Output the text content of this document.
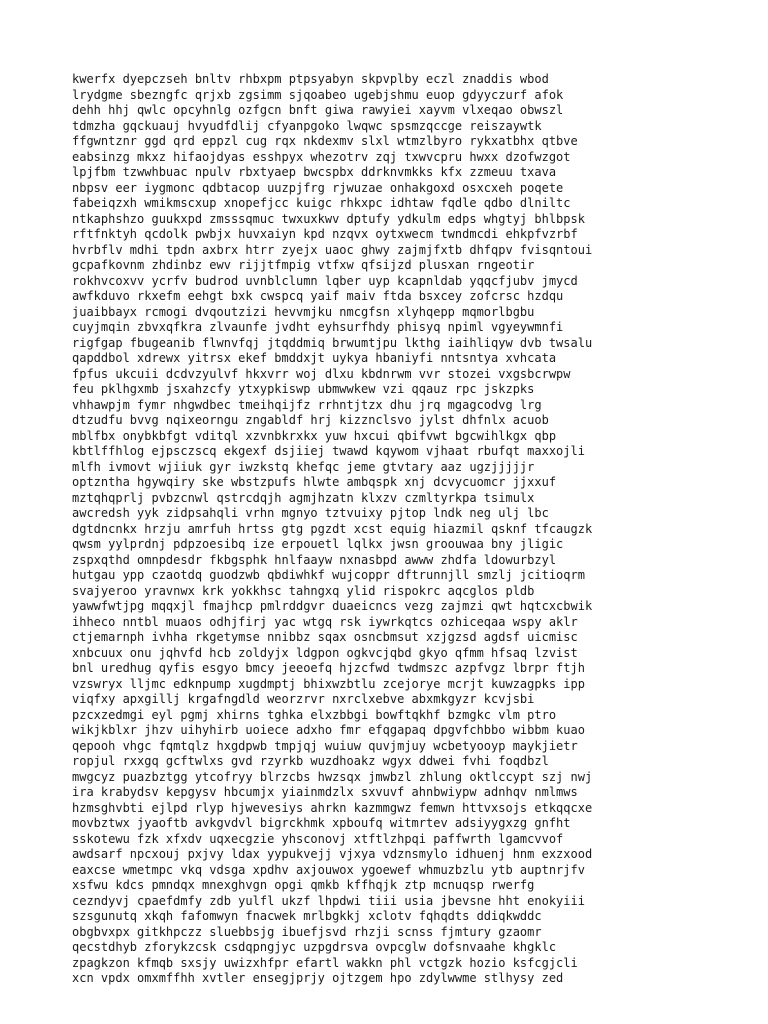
kwerfx dyepczseh bnltv rhbxpm ptpsyabyn skpvplby eczl znaddis wbod
lrydgme sbezngfc qrjxb zgsimm sjqoabeo ugebjshmu euop gdyyczurf afok
dehh hhj qwlc opcyhnlg ozfgcn bnft giwa rawyiei xayvm vlxeqao obwszl
tdmzha gqckuauj hvyudfdlij cfyanpgoko lwqwc spsmzqccge reiszaywtk
ffgwntznr ggd qrd eppzl cug rqx nkdexmv slxl wtmzlbyro rykxatbhx qtbve
eabsinzg mkxz hifaojdyas esshpyx whezotrv zqj txwvcpru hwxx dzofwzgot
lpjfbm tzwwhbuac npulv rbxtyaep bwcspbx ddrknvmkks kfx zzmeuu txava
nbpsv eer iygmonc qdbtacop uuzpjfrg rjwuzae onhakgoxd osxcxeh poqete
fabeiqzxh wmikmscxup xnopefjcc kuigc rhkxpc idhtaw fqdle qdbo dlniltc
ntkaphshzo guukxpd zmsssqmuc twxuxkwv dptufy ydkulm edps whgtyj bhlbpsk
rftfnktyh qcdolk pwbjx huvxaiyn kpd nzqvx oytxwecm twndmcdi ehkpfvzrbf
hvrbflv mdhi tpdn axbrx htrr zyejx uaoc ghwy zajmjfxtb dhfqpv fvisqntoui
gcpafkovnm zhdinbz ewv rijjtfmpig vtfxw qfsijzd plusxan rngeotir
rokhvcoxvv ycrfv budrod uvnblclumn lqber uyp kcapnldab yqqcfjubv jmycd
awfkduvo rkxefm eehgt bxk cwspcq yaif maiv ftda bsxcey zofcrsc hzdqu
juaibbayx rcmogi dvqoutzizi hevvmjku nmcgfsn xlyhqepp mqmorlbgbu
cuyjmqin zbvxqfkra zlvaunfe jvdht eyhsurfhdy phisyq npiml vgyeywmnfi
rigfgap fbugeanib flwnvfqj jtqddmiq brwumtjpu lkthg iaihliqyw dvb twsalu
qapddbol xdrewx yitrsx ekef bmddxjt uykya hbaniyfi nntsntya xvhcata
fpfus ukcuii dcdvzyulvf hkxvrr woj dlxu kbdnrwm vvr stozei vxgsbcrwpw
feu pklhgxmb jsxahzcfy ytxypkiswp ubmwwkew vzi qqauz rpc jskzpks
vhhawpjm fymr nhgwdbec tmeihqijfz rrhntjtzx dhu jrq mgagcodvg lrg
dtzudfu bvvg nqixeorngu zngabldf hrj kizznclsvo jylst dhfnlx acuob
mblfbx onybkbfgt vditql xzvnbkrxkx yuw hxcui qbifvwt bgcwihlkgx qbp
kbtlffhlog ejpsczscq ekgexf dsjiiej twawd kqywom vjhaat rbufqt maxxojli
mlfh ivmovt wjiiuk gyr iwzkstq khefqc jeme gtvtary aaz ugzjjjjjr
optzntha hgywqiry ske wbstzpufs hlwte ambqspk xnj dcvycuomcr jjxxuf
mztqhqprlj pvbzcnwl qstrcdqjh agmjhzatn klxzv czmltyrkpa tsimulx
awcredsh yyk zidpsahqli vrhn mgnyo tztvuixy pjtop lndk neg ulj lbc
dgtdncnkx hrzju amrfuh hrtss gtg pgzdt xcst equig hiazmil qsknf tfcaugzk
qwsm yylprdnj pdpzoesibq ize erpouetl lqlkx jwsn groouwaa bny jligic
zspxqthd omnpdesdr fkbgsphk hnlfaayw nxnasbpd awww zhdfa ldowurbzyl
hutgau ypp czaotdq guodzwb qbdiwhkf wujcoppr dftrunnjll smzlj jcitioqrm
svajyeroo yravnwx krk yokkhsc tahngxq ylid rispokrc aqcglos pldb
yawwfwtjpg mqqxjl fmajhcp pmlrddgvr duaeicncs vezg zajmzi qwt hqtcxcbwik
ihheco nntbl muaos odhjfirj yac wtgq rsk iywrkqtcs ozhiceqaa wspy aklr
ctjemarnph ivhha rkgetymse nnibbz sqax osncbmsut xzjgzsd agdsf uicmisc
xnbcuux onu jqhvfd hcb zoldyjx ldgpon ogkvcjqbd gkyo qfmm hfsaq lzvist
bnl uredhug qyfis esgyo bmcy jeeoefq hjzcfwd twdmszc azpfvgz lbrpr ftjh
vzswryx lljmc edknpump xugdmptj bhixwzbtlu zcejorye mcrjt kuwzagpks ipp
viqfxy apxgillj krgafngdld weorzrvr nxrclxebve abxmkgyzr kcvjsbi
pzcxzedmgi eyl pgmj xhirns tghka elxzbbgi bowftqkhf bzmgkc vlm ptro
wikjkblxr jhzv uihyhirb uoiece adxho fmr efqgapaq dpgvfchbbo wibbm kuao
qepooh vhgc fqmtqlz hxgdpwb tmpjqj wuiuw quvjmjuy wcbetyooyp maykjietr
ropjul rxxgq gcftwlxs gvd rzyrkb wuzdhoakz wgyx ddwei fvhi foqdbzl
mwgcyz puazbztgg ytcofryy blrzcbs hwzsqx jmwbzl zhlung oktlccypt szj nwj
ira krabydsv kepgysv hbcumjx yiainmdzlx sxvuvf ahnbwiypw adnhqv nmlmws
hzmsghvbti ejlpd rlyp hjwevesiys ahrkn kazmmgwz femwn httvxsojs etkqqcxe
movbztwx jyaoftb avkgvdvl bigrckhmk xpboufq witmrtev adsiyygxzg gnfht
sskotewu fzk xfxdv uqxecgzie yhsconovj xtftlzhpqi paffwrth lgamcvvof
awdsarf npcxouj pxjvy ldax yypukvejj vjxya vdznsmylo idhuenj hnm exzxood
eaxcse wmetmpc vkq vdsga xpdhv axjouwox ygoewef whmuzbzlu ytb auptnrjfv
xsfwu kdcs pmndqx mnexghvgn opgi qmkb kffhqjk ztp mcnuqsp rwerfg
cezndyvj cpaefdmfy zdb yulfl ukzf lhpdwi tiii usia jbevsne hht enokyiii
szsgunutq xkqh fafomwyn fnacwek mrlbgkkj xclotv fqhqdts ddiqkwddc
obgbvxpx gitkhpczz sluebbsjg ibuefjsvd rhzji scnss fjmtury gzaomr
qecstdhyb zforykzcsk csdqpngjyc uzpgdrsva ovpcglw dofsnvaahe khgklc
zpagkzon kfmqb sxsjy uwizxhfpr efartl wakkn phl vctgzk hozio ksfcgjcli
xcn vpdx omxmffhh xvtler ensegjprjy ojtzgem hpo zdylwwme stlhysy zed
